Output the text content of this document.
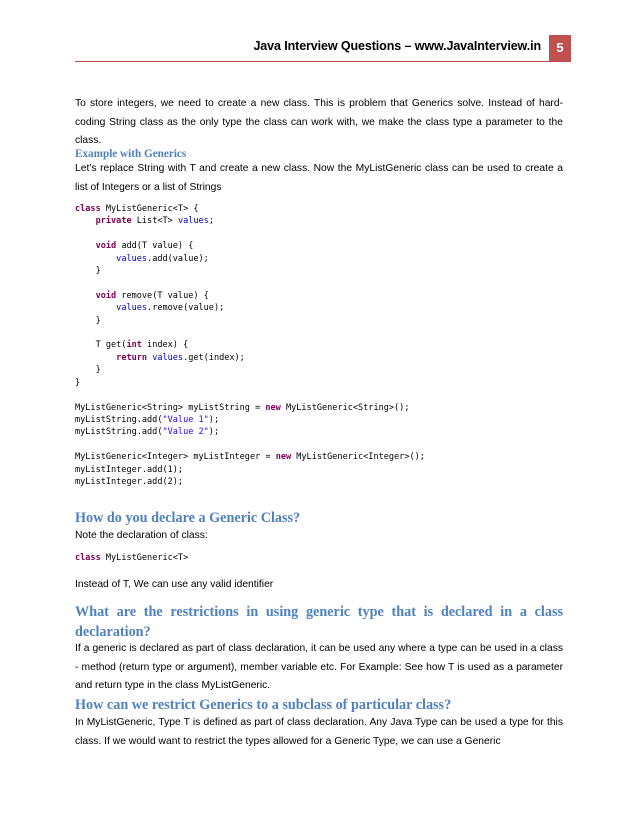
Java Interview Questions – www.JavaInterview.in	5
To store integers, we need to create a new class. This is problem that Generics solve. Instead of hard-coding String class as the only type the class can work with, we make the class type a parameter to the class.
Example with Generics
Let’s replace String with T and create a new class. Now the MyListGeneric class can be used to create a list of Integers or a list of Strings
class MyListGeneric<T> {
private List<T> values;

void add(T value) {
values.add(value);
}

void remove(T value) {
values.remove(value);
}

T get(int index) {
return values.get(index);
}
}

MyListGeneric<String> myListString = new MyListGeneric<String>();
myListString.add("Value 1");
myListString.add("Value 2");

MyListGeneric<Integer> myListInteger = new MyListGeneric<Integer>();
myListInteger.add(1);
myListInteger.add(2);
How do you declare a Generic Class?
Note the declaration of class:
class MyListGeneric<T>
Instead of T, We can use any valid identifier
What are the restrictions in using generic type that is declared in a class declaration?
If a generic is declared as part of class declaration, it can be used any where a type can be used in a class - method (return type or argument), member variable etc. For Example: See how T is used as a parameter and return type in the class MyListGeneric.
How can we restrict Generics to a subclass of particular class?
In MyListGeneric, Type T is defined as part of class declaration. Any Java Type can be used a type for this class. If we would want to restrict the types allowed for a Generic Type, we can use a Generic
